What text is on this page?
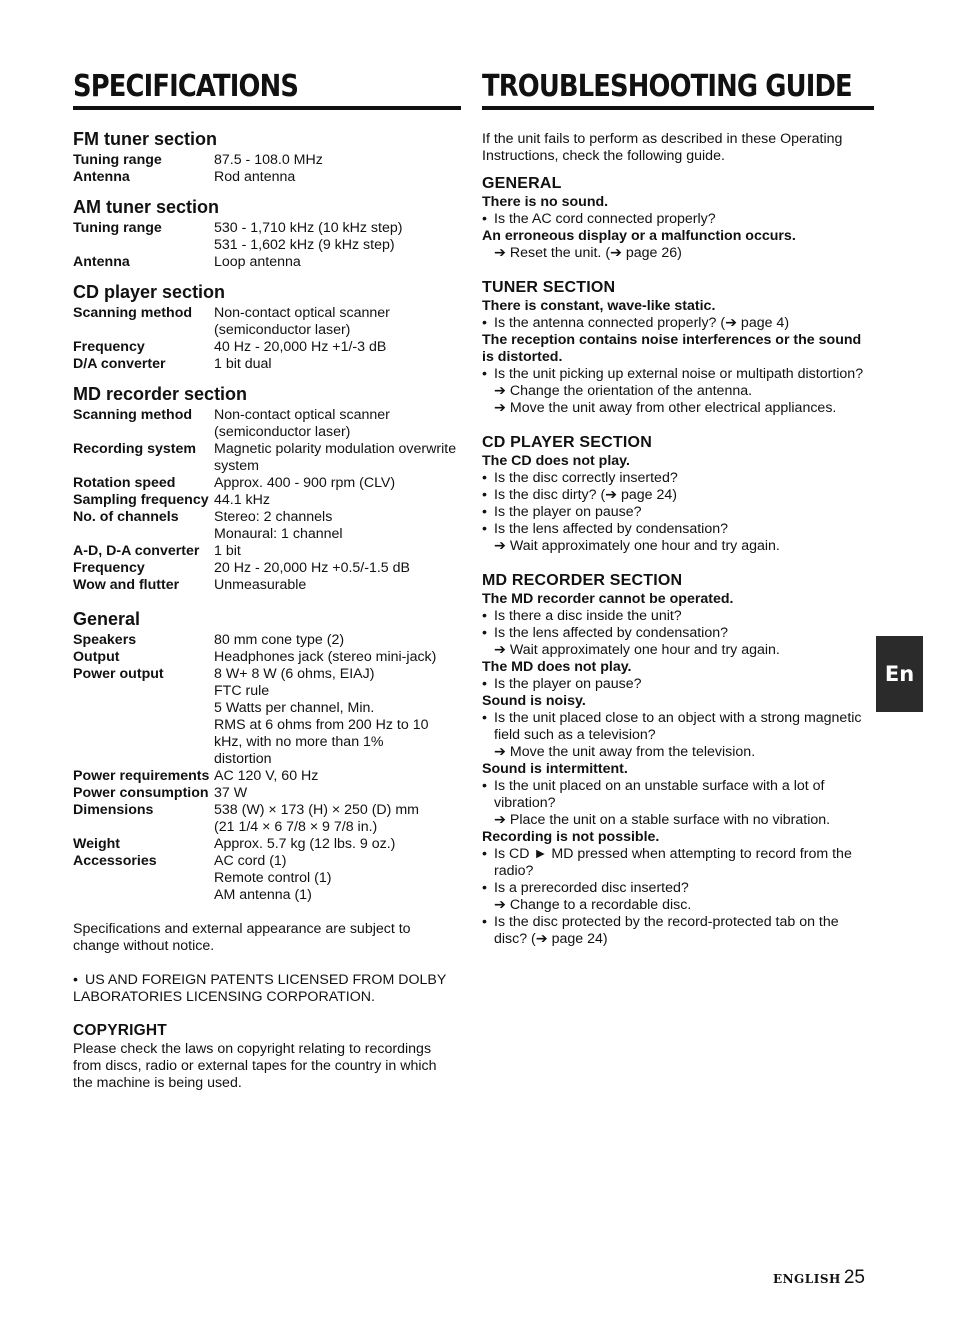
SPECIFICATIONS
FM tuner section
Tuning range	87.5 - 108.0 MHz
Antenna	Rod antenna
AM tuner section
Tuning range	530 - 1,710 kHz (10 kHz step)
531 - 1,602 kHz (9 kHz step)
Antenna	Loop antenna
CD player section
Scanning method	Non-contact optical scanner
(semiconductor laser)
Frequency	40 Hz - 20,000 Hz +1/-3 dB
D/A converter	1 bit dual
MD recorder section
Scanning method	Non-contact optical scanner
(semiconductor laser)
Recording system	Magnetic polarity modulation overwrite
system
Rotation speed	Approx. 400 - 900 rpm (CLV)
Sampling frequency 44.1 kHz
No. of channels	Stereo: 2 channels
Monaural: 1 channel
A-D, D-A converter	1 bit
Frequency	20 Hz - 20,000 Hz +0.5/-1.5 dB
Wow and flutter	Unmeasurable
General
Speakers	80 mm cone type (2)
Output	Headphones jack (stereo mini-jack)
Power output	8 W+ 8 W (6 ohms, EIAJ)
FTC rule
5 Watts per channel, Min.
RMS at 6 ohms from 200 Hz to 10
kHz, with no more than 1%
distortion
Power requirements AC 120 V, 60 Hz
Power consumption 37 W
Dimensions	538 (W) × 173 (H) × 250 (D) mm
(21 1/4 × 6 7/8 × 9 7/8 in.)
Weight	Approx. 5.7 kg (12 lbs. 9 oz.)
Accessories	AC cord (1)
Remote control (1)
AM antenna (1)
Specifications and external appearance are subject to
change without notice.
• US AND FOREIGN PATENTS LICENSED FROM DOLBY
LABORATORIES LICENSING CORPORATION.
COPYRIGHT
Please check the laws on copyright relating to recordings
from discs, radio or external tapes for the country in which
the machine is being used.
TROUBLESHOOTING GUIDE
If the unit fails to perform as described in these Operating
Instructions, check the following guide.
GENERAL
There is no sound.
• Is the AC cord connected properly?
An erroneous display or a malfunction occurs.
➔ Reset the unit. (➔ page 26)
TUNER SECTION
There is constant, wave-like static.
• Is the antenna connected properly? (➔ page 4)
The reception contains noise interferences or the sound is distorted.
• Is the unit picking up external noise or multipath distortion?
➔ Change the orientation of the antenna.
➔ Move the unit away from other electrical appliances.
CD PLAYER SECTION
The CD does not play.
• Is the disc correctly inserted?
• Is the disc dirty? (➔ page 24)
• Is the player on pause?
• Is the lens affected by condensation?
➔ Wait approximately one hour and try again.
MD RECORDER SECTION
The MD recorder cannot be operated.
• Is there a disc inside the unit?
• Is the lens affected by condensation?
➔ Wait approximately one hour and try again.
The MD does not play.
• Is the player on pause?
Sound is noisy.
• Is the unit placed close to an object with a strong magnetic field such as a television?
➔ Move the unit away from the television.
Sound is intermittent.
• Is the unit placed on an unstable surface with a lot of vibration?
➔ Place the unit on a stable surface with no vibration.
Recording is not possible.
• Is CD ► MD pressed when attempting to record from the radio?
• Is a prerecorded disc inserted?
➔ Change to a recordable disc.
• Is the disc protected by the record-protected tab on the disc? (➔ page 24)
En
ENGLISH 25
